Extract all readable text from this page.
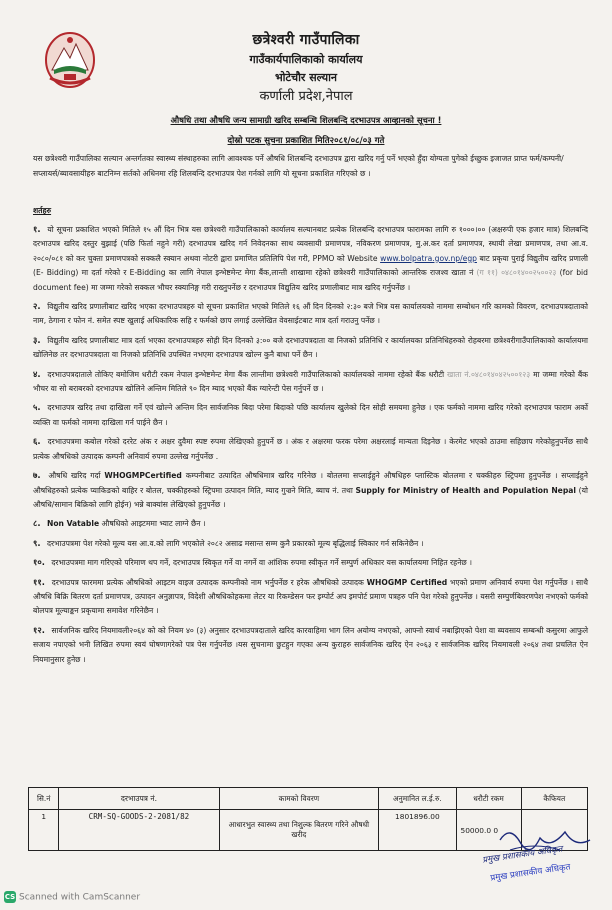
छत्रेश्वरी गाउँपालिका
गाउँकार्यपालिकाको कार्यालय
भोटेचौर सल्यान
कर्णाली प्रदेश,नेपाल
औषधि तथा औषधि जन्य सामाग्री खरिद सम्बन्धि शिलबन्दि दरभाउपत्र आव्हानको सूचना !
दोस्रो पटक सुचना प्रकाशित मिति२०८१/०८/०३ गते
यस छत्रेश्वरी गाउँपालिका सल्यान अन्तर्गतका स्वास्थ्य संस्थाहरुका लागि आवश्यक पर्ने औषधि शिलबन्दि दरभाउपत्र द्वारा खरिद गर्नु पर्ने भएको हुँदा योग्यता पुगेको ईच्छुक इजाजत प्राप्त फर्म/कम्पनी/सप्लायर्स/ब्यावसायीहरु बाटनिम्न सर्तको अधिनमा रहि शिलबन्दि दरभाउपत्र पेश गर्नको लागि यो सूचना प्रकाशित गरिएको छ ।
शर्तहरु
१. यो सूचना प्रकाशित भएको मितिले १५ औं दिन भित्र यस छत्रेश्वरी गाउँपालिकाको कार्यालय सल्यानबाट प्रत्येक शिलबन्दि दरभाउपत्र फारामका लागि रु १०००।०० (अक्षरुपी एक हजार मात्र) शिलबन्दि दरभाउपत्र खरिद दस्तुर बुझाई (पछि फिर्ता नहुने गरी) दरभाउपत्र खरिद गर्न निवेदनका साथ व्यवसायी प्रमाणपत्र, नविकरण प्रमाणपत्र, मु.अ.कर दर्ता प्रमाणपत्र, स्थायी लेखा प्रमाणपत्र, तथा आ.व. २०८०/०८१ को कर चुक्ता प्रमाणपत्रको सक्कलै स्क्यान अथवा नोटरी द्वारा प्रमाणित प्रतिलिपि पेश गरी, PPMO को Website www.bolpatra.gov.np/egp बाट प्रकृया पुराई विद्युतीय खरिद प्रणाली (E- Bidding) मा दर्ता गरेको र E-Bidding का लागि नेपाल इन्भेष्टमेन्ट मेगा बैंक,लान्ती शाखामा रहेको छत्रेश्वरी गाउँपालिकाको आन्तरिक राजश्व खाता नं (ग ११) ०४८०१४००२५००२३ (for bid document fee) मा जम्मा गरेको सक्कल भौचर स्क्यानिङ्ग गरी राख्नुपर्नेछ र दरभाउपत्र विद्युतिय खरिद प्रणालीबाट मात्र खरिद गर्नुपर्नेछ ।
२. विद्युतीय खरिद प्रणालीबाट खरिद भएका दरभाउपत्रहरु यो सूचना प्रकाशित भएको मितिले १६ औं दिन दिनको २:३० बजे भित्र यस कार्यालयको नाममा सम्बोधन गरि कामको विवरण, दरभाउपत्रदाताको नाम, ठेगाना र फोन नं. समेत स्पष्ट खुलाई अधिकारिक सहि र फर्मको छाप लगाई उल्लेखित वेवसाईटबाट मात्र दर्ता गराउनु पर्नेछ ।
३. विद्युतीय खरिद प्रणालीबाट मात्र दर्ता भएका दरभाउपत्रहरु सोही दिन दिनको ३:०० बजे दरभाउपत्रदाता वा निजको प्रतिनिधि र कार्यालयका प्रतिनिधिहरुको रोहबरमा छत्रेश्वरीगाउँपालिकाको कार्यालयमा खोलिनेछ तर दरभाउपत्रदाता वा निजको प्रतिनिधि उपस्थित नभएमा दरभाउपत्र खोल्न कुनै बाधा पर्ने छैन ।
४. दरभाउपत्रदाताले तोकिए बमोजिम धरौटी रकम नेपाल इन्भेष्टमेन्ट मेगा बैंक लान्तीमा छत्रेश्वरी गाउँपालिकाको कार्यालयको नाममा रहेको बैंक धरौटी खाता नं.०४८०१४०४२५००१२३ मा जम्मा गरेको बैंक भौचर वा सो बराबरको दरभाउपत्र खोलिने अन्तिम मितिले ९० दिन म्याद भएको बैंक ग्यारेन्टी पेस गर्नुपर्ने छ ।
५. दरभाउपत्र खरिद तथा दाखिला गर्ने एवं खोल्ने अन्तिम दिन सार्वजनिक बिदा परेमा बिदाको पछि कार्यालय खुलेको दिन सोही समयमा हुनेछ । एक फर्मको नाममा खरिद गरेको दरभाउपत्र फाराम अर्को व्यक्ति वा फर्मको नाममा दाखिला गर्न पाईने छैन ।
६. दरभाउपत्रमा कबोल गरेको दररेट अंक र अक्षर दुवैमा स्पष्ट रुपमा लेखिएको हुनुपर्ने छ । अंक र अक्षरमा फरक परेमा अक्षरलाई मान्यता दिइनेछ । केरमेट भएको ठाउमा सहिछाप गरेकोहुनुपर्नेछ साथै प्रत्येक औषधिको उत्पादक कम्पनी अनिवार्य रुपमा उल्लेख गर्नुपर्नेछ .
७. औषधि खरिद गर्दा WHOGMPCertified कम्पनीबाट उत्पादित औषधिमात्र खरिद गरिनेछ । बोतलमा सप्लाईहुने औषधिहरु प्लास्टिक बोतलमा र चक्कीहरु स्ट्रिपमा हुनुपर्नेछ । सप्लाईहुने औषधिहरुको प्रत्येक प्याकिङको बाहिर र बोतल, चक्कीहरुको स्ट्रिपमा उत्पादन मिति, म्याद गुज्रने मिति, ब्याच नं. तथा Supply for Ministry of Health and Population Nepal (यो औषधि/सामान बिक्रिको लागि होईन) भन्ने बाक्यांस लेखिएको हुनुपर्नेछ ।
८. Non Vatable औषधिको आइटममा भ्याट लाग्ने छैन ।
९. दरभाउपत्रमा पेश गरेको मूल्य यस आ.व.को लागि भएकोले २०८२ असाढ मसान्त सम्म कुनै प्रकारको मूल्य बृद्धिलाई स्विकार गर्न सकिनेछैन ।
१०. दरभाउपत्रमा माग गरिएको परिमाण थप गर्ने, दरभाउपत्र स्विकृत गर्ने वा नगर्ने वा आंशिक रुपमा स्वीकृत गर्ने सम्पुर्ण अधिकार यस कार्यालयमा निहित रहनेछ ।
११. दरभाउपत्र फारममा प्रत्येक औषधिको आइटम वाइज उत्पादक कम्पनीको नाम भर्नुपर्नेछ र हरेक औषधिको उत्पादक WHOGMP Certified भएको प्रमाण अनिवार्य रुपमा पेश गर्नुपर्नेछ । साथै औषधि बिक्रि बितरण दर्ता प्रमाणपत्र, उत्पादन अनुज्ञापत्र, विदेशी औषधिकोहकमा लेटर या रिकम्डेसन फर इम्पोर्ट अप इमपोर्ट प्रमाण पत्रहरु पनि पेश गरेको हुनुपर्नेछ । यसरी सम्पुर्णबिवरणपेश नभएको फर्मको बोलपत्र मूल्याङ्कन प्रकृयामा समावेश गरिनेछैन ।
१२. सार्वजनिक खरिद नियमावली२०६४ को को नियम ४० (३) अनुसार दरभाउपत्रदाताले खरिद कारवाहिमा भाग लिन अयोग्य नभएको, आफ्नो स्वार्थ नबाझिएको पेशा वा ब्यवसाय सम्बन्धी कसुरमा आफुले सजाय नपाएको भनी लिखित रुपमा स्वयं घोषणागरेको पत्र पेस गर्नुपर्नेछ ।यस सुचनामा छुटहुन गएका अन्य कुराहरु सार्वजनिक खरिद ऐन २०६३ र सार्वजनिक खरिद नियमावली २०६४ तथा प्रचलित ऐन नियमानुसार हुनेछ ।
सि.नं	दरभाउपत्र नं.	कामको विवरण	अनुमानित ल.ई.रु.	धरौटी रकम	कैफियत
1	CRM-SQ-GOODS-2-2081/82	आधारभुत स्वास्थ्य तथा निशुल्क बितरण गरिने औषधी खरीद	1801896.00	50000.0 0	
प्रमुख प्रशासकीय अधिकृत
प्रमुख प्रशासकीय अधिकृत
CS Scanned with CamScanner
